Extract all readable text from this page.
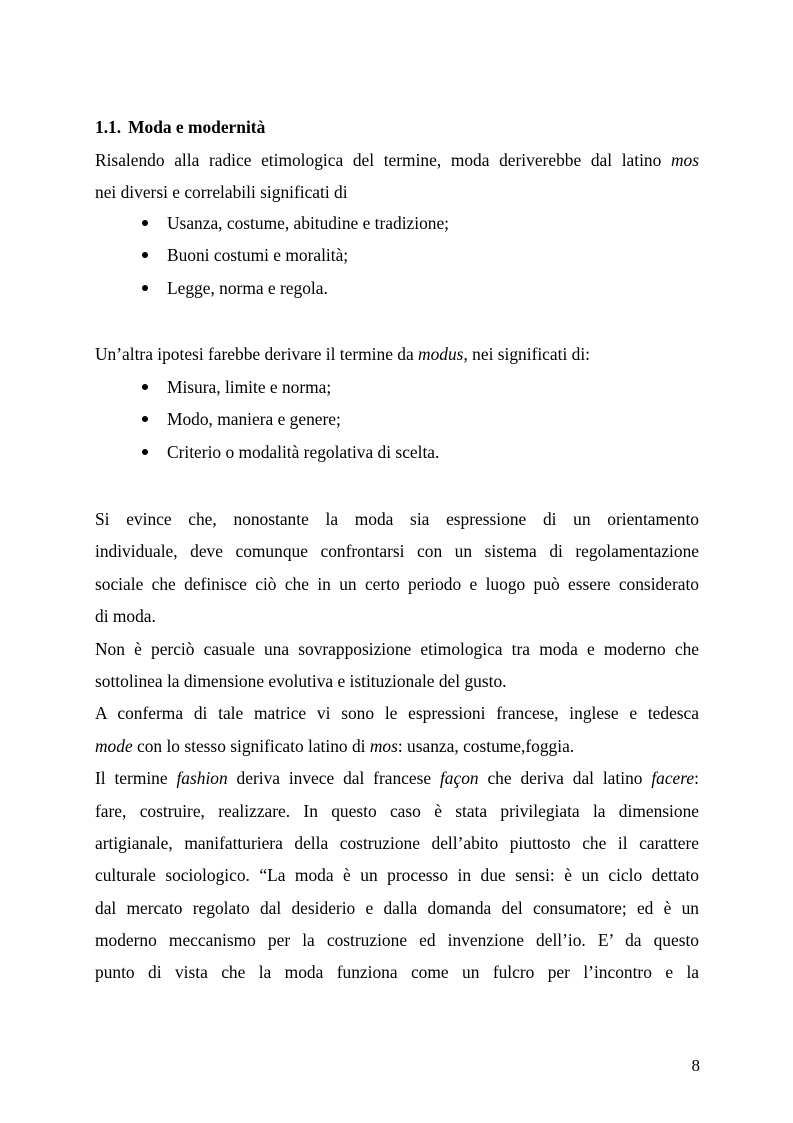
1.1. Moda e modernità
Risalendo alla radice etimologica del termine, moda deriverebbe dal latino mos
nei diversi e correlabili significati di
Usanza, costume, abitudine e tradizione;
Buoni costumi e moralità;
Legge, norma e regola.
Un’altra ipotesi farebbe derivare il termine da modus, nei significati di:
Misura, limite e norma;
Modo, maniera e genere;
Criterio o modalità regolativa di scelta.
Si evince che, nonostante la moda sia espressione di un orientamento
individuale, deve comunque confrontarsi con un sistema di regolamentazione
sociale che definisce ciò che in un certo periodo e luogo può essere considerato
di moda.
Non è perciò casuale una sovrapposizione etimologica tra moda e moderno che
sottolinea la dimensione evolutiva e istituzionale del gusto.
A conferma di tale matrice vi sono le espressioni francese, inglese e tedesca
mode con lo stesso significato latino di mos: usanza, costume,foggia.
Il termine fashion deriva invece dal francese façon che deriva dal latino facere:
fare, costruire, realizzare. In questo caso è stata privilegiata la dimensione
artigianale, manifatturiera della costruzione dell’abito piuttosto che il carattere
culturale sociologico. “La moda è un processo in due sensi: è un ciclo dettato
dal mercato regolato dal desiderio e dalla domanda del consumatore; ed è un
moderno meccanismo per la costruzione ed invenzione dell’io. E’ da questo
punto di vista che la moda funziona come un fulcro per l’incontro e la
8
